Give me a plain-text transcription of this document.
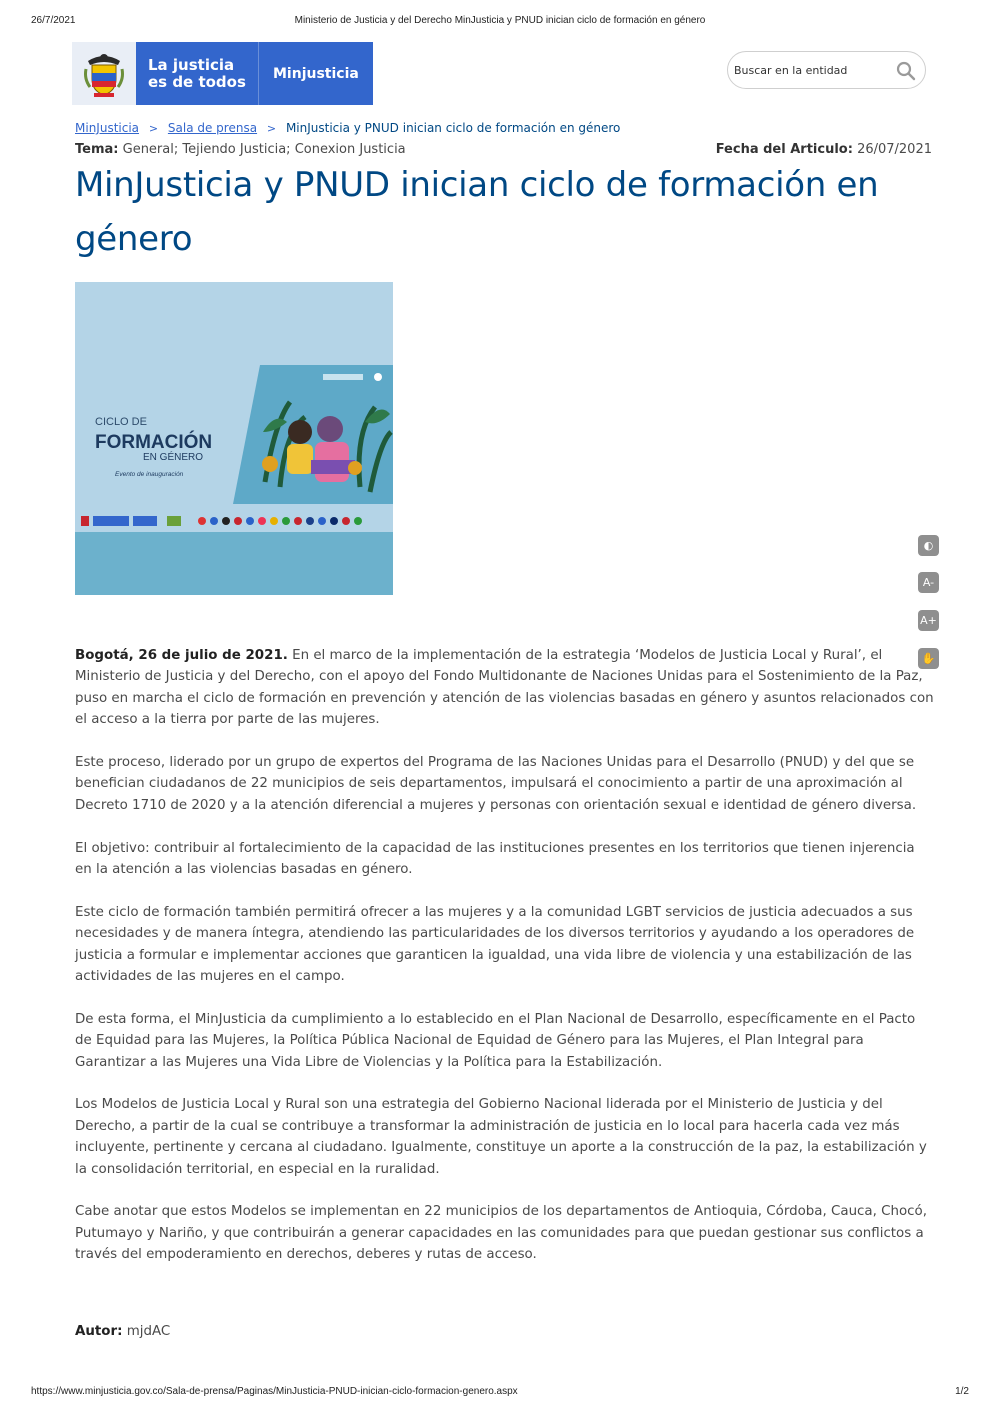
26/7/2021	Ministerio de Justicia y del Derecho MinJusticia y PNUD inician ciclo de formación en género
La justicia
es de todos	Minjusticia
Buscar en la entidad
MinJusticia > Sala de prensa > MinJusticia y PNUD inician ciclo de formación en género
Tema: General; Tejiendo Justicia; Conexion Justicia	Fecha del Articulo: 26/07/2021
MinJusticia y PNUD inician ciclo de formación en género
CICLO DE
FORMACIÓN
EN GÉNERO
Evento de inauguración
◐
A-
A+
✋

Bogotá, 26 de julio de 2021. En el marco de la implementación de la estrategia ‘Modelos de Justicia Local y Rural’, el Ministerio de Justicia y del Derecho, con el apoyo del Fondo Multidonante de Naciones Unidas para el Sostenimiento de la Paz, puso en marcha el ciclo de formación en prevención y atención de las violencias basadas en género y asuntos relacionados con el acceso a la tierra por parte de las mujeres.

Este proceso, liderado por un grupo de expertos del Programa de las Naciones Unidas para el Desarrollo (PNUD) y del que se benefician ciudadanos de 22 municipios de seis departamentos, impulsará el conocimiento a partir de una aproximación al Decreto 1710 de 2020 y a la atención diferencial a mujeres y personas con orientación sexual e identidad de género diversa.

El objetivo: contribuir al fortalecimiento de la capacidad de las instituciones presentes en los territorios que tienen injerencia en la atención a las violencias basadas en género.

Este ciclo de formación también permitirá ofrecer a las mujeres y a la comunidad LGBT servicios de justicia adecuados a sus necesidades y de manera íntegra, atendiendo las particularidades de los diversos territorios y ayudando a los operadores de justicia a formular e implementar acciones que garanticen la igualdad, una vida libre de violencia y una estabilización de las actividades de las mujeres en el campo.

De esta forma, el MinJusticia da cumplimiento a lo establecido en el Plan Nacional de Desarrollo, específicamente en el Pacto de Equidad para las Mujeres, la Política Pública Nacional de Equidad de Género para las Mujeres, el Plan Integral para Garantizar a las Mujeres una Vida Libre de Violencias y la Política para la Estabilización.

Los Modelos de Justicia Local y Rural son una estrategia del Gobierno Nacional liderada por el Ministerio de Justicia y del Derecho, a partir de la cual se contribuye a transformar la administración de justicia en lo local para hacerla cada vez más incluyente, pertinente y cercana al ciudadano. Igualmente, constituye un aporte a la construcción de la paz, la estabilización y la consolidación territorial, en especial en la ruralidad.

Cabe anotar que estos Modelos se implementan en 22 municipios de los departamentos de Antioquia, Córdoba, Cauca, Chocó, Putumayo y Nariño, y que contribuirán a generar capacidades en las comunidades para que puedan gestionar sus conflictos a través del empoderamiento en derechos, deberes y rutas de acceso.

Autor: mjdAC
https://www.minjusticia.gov.co/Sala-de-prensa/Paginas/MinJusticia-PNUD-inician-ciclo-formacion-genero.aspx	1/2
